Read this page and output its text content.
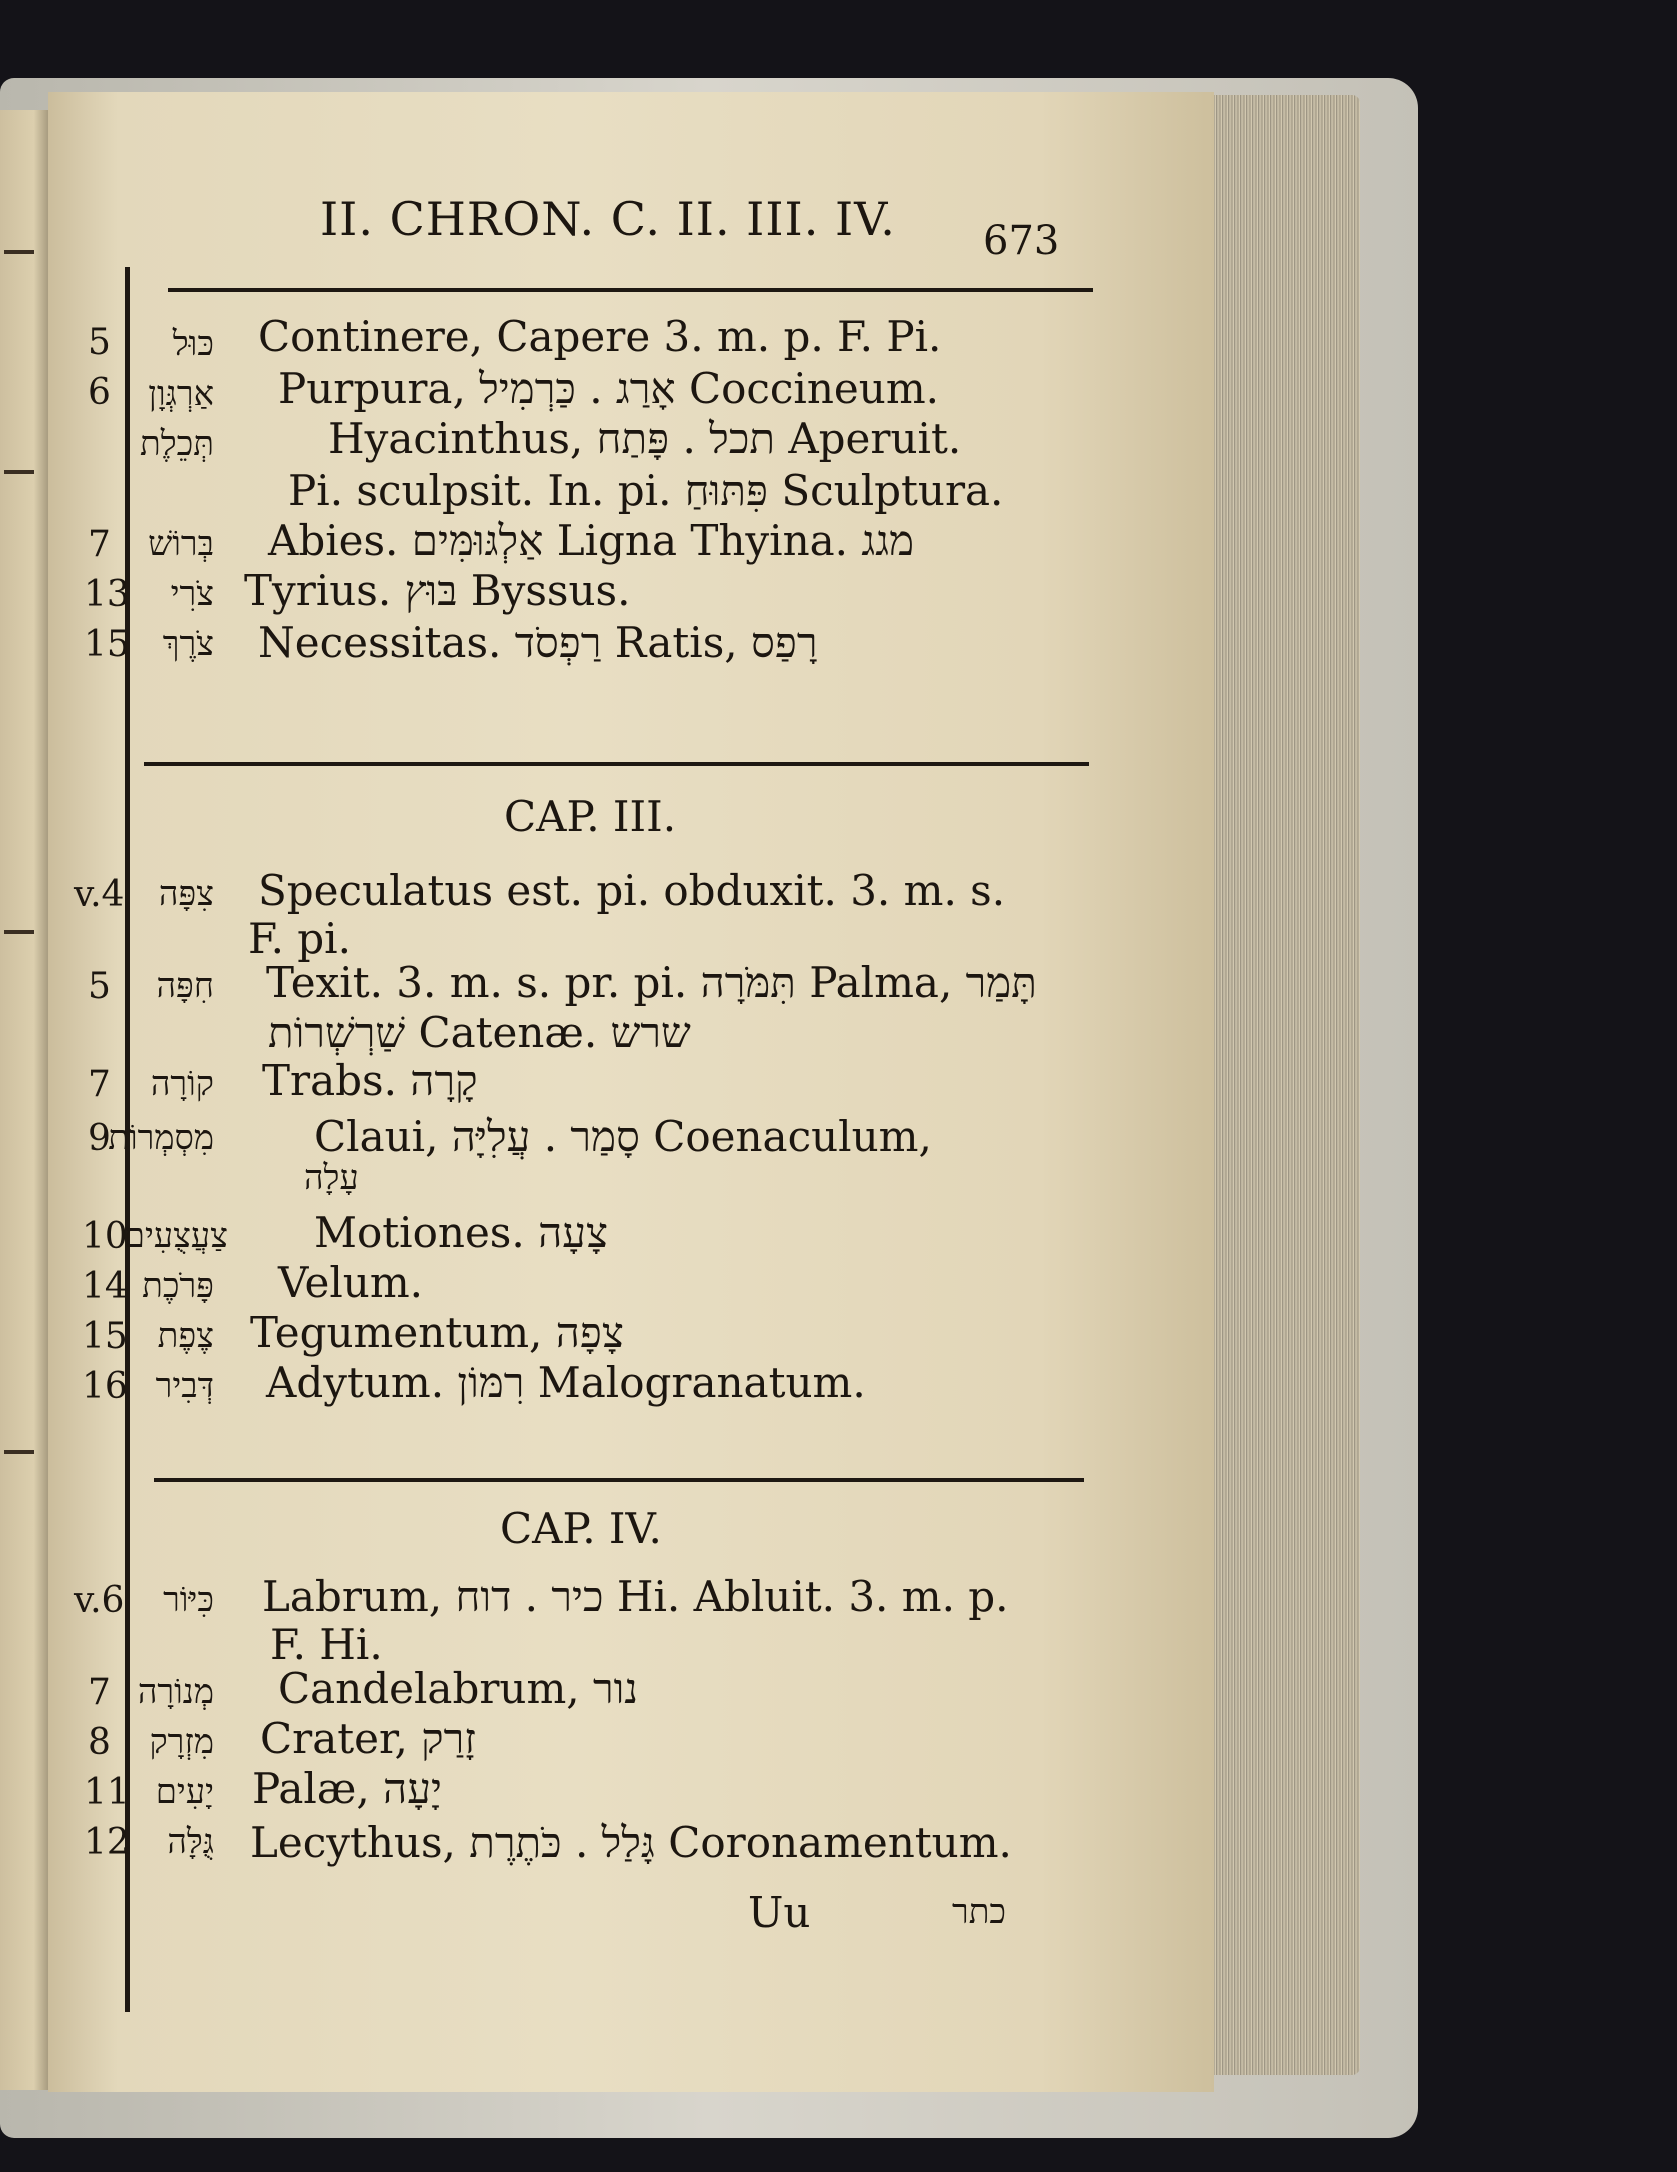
II. CHRON. C. II. III. IV. 673
5 כּוּל Continere, Capere 3. m. p. F. Pi.
6 אַרְגְּוָן Purpura, אָרַג . כַּרְמִיל Coccineum.
תְּכֵלֶת	Hyacinthus, תכל . פָּתַח Aperuit.
Pi. sculpsit. In. pi. פִּתּוּחַ Sculptura.
7 בְּרוֹשׁ Abies. אַלְגּוּמִּים Ligna Thyina. מגג
13 צֹרִי Tyrius. בּוּץ Byssus.
15 צֹרֶךְ Necessitas. רַפְסֹד Ratis, רָפַס
CAP. III.
v.4 צִפָּה Speculatus est. pi. obduxit. 3. m. s.
F. pi.
5 חִפָּה Texit. 3. m. s. pr. pi. תִּמֹּרָה Palma, תָּמַר
שַׁרְשְׁרוֹת Catenæ. שרש
7 קוֹרָה Trabs. קָרָה
9
מִסְמְרוֹת Claui, סָמַר . עֲלִיָּה Coenaculum,
עָלָה
10
צַעֲצֻעִים Motiones. צָעָה
14 פָּרֹכֶת Velum.
15 צֶפֶת Tegumentum, צָפָה
16 דְּבִיר Adytum. רִמּוֹן Malogranatum.
CAP. IV.
v.6 כִּיּוֹר Labrum, כיר . דוח Hi. Abluit. 3. m. p.
F. Hi.
7 מְנוֹרָה Candelabrum, נור
8 מִזְרָק Crater, זָרַק
11 יָעִים Palæ, יָעָה
12 גֻּלָּה Lecythus, גָּלַל . כֹּתֶרֶת Coronamentum.
Uu	כתר
